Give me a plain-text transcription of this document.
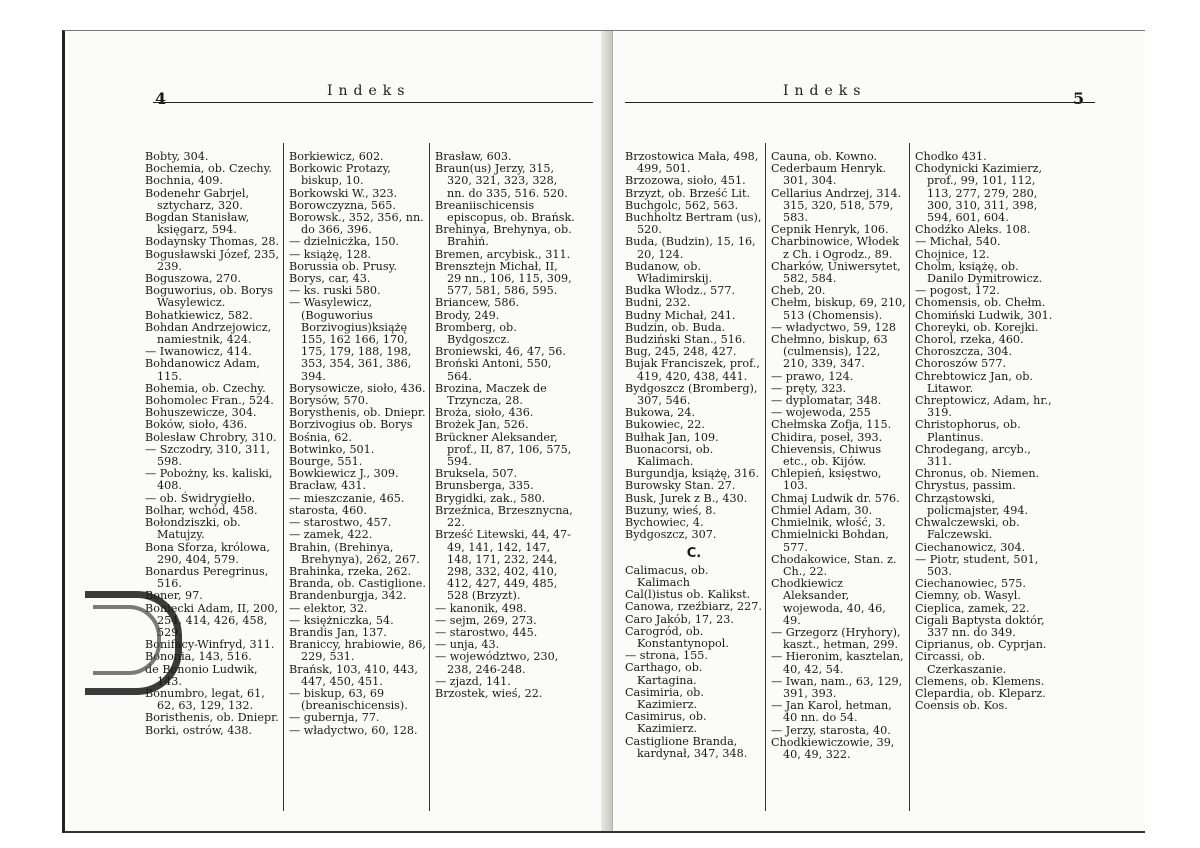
4	Indeks
Bobty, 304.
Bochemia, ob. Czechy.
Bochnia, 409.
Bodenehr Gabrjel, sztycharz, 320.
Bogdan Stanisław, księgarz, 594.
Bodaynsky Thomas, 28.
Bogusławski Józef, 235, 239.
Boguszowa, 270.
Boguworius, ob. Borys Wasylewicz.
Bohatkiewicz, 582.
Bohdan Andrzejowicz, namiestnik, 424.
— Iwanowicz, 414.
Bohdanowicz Adam, 115.
Bohemia, ob. Czechy.
Bohomolec Fran., 524.
Bohuszewicze, 304.
Boków, sioło, 436.
Bolesław Chrobry, 310.
— Szczodry, 310, 311, 598.
— Pobożny, ks. kaliski, 408.
— ob. Świdrygiełło.
Bolhar, wchód, 458.
Bołondziszki, ob. Matujzy.
Bona Sforza, królowa, 290, 404, 579.
Bonardus Peregrinus, 516.
Boner, 97.
Boniecki Adam, II, 200, 254, 414, 426, 458, 529.
Bonifacy-Winfryd, 311.
Bononia, 143, 516.
de Bononio Ludwik, 143.
Bonumbro, legat, 61, 62, 63, 129, 132.
Boristhenis, ob. Dniepr.
Borki, ostrów, 438.
Borkiewicz, 602.
Borkowic Protazy, biskup, 10.
Borkowski W., 323.
Borowczyzna, 565.
Borowsk., 352, 356, nn. do 366, 396.
— dzielnicżka, 150.
— książę, 128.
Borussia ob. Prusy.
Borys, car, 43.
— ks. ruski 580.
— Wasylewicz, (Boguworius Borzivogius)książę 155, 162 166, 170, 175, 179, 188, 198, 353, 354, 361, 386, 394.
Borysowicze, sioło, 436.
Borysów, 570.
Borysthenis, ob. Dniepr.
Borzivogius ob. Borys
Bośnia, 62.
Botwinko, 501.
Bourge, 551.
Bowkiewicz J., 309.
Bracław, 431.
— mieszczanie, 465.
starosta, 460.
— starostwo, 457.
— zamek, 422.
Brahin, (Brehinya, Brehynya), 262, 267.
Brahinka, rzeka, 262.
Branda, ob. Castiglione.
Brandenburgja, 342.
— elektor, 32.
— księżniczka, 54.
Brandis Jan, 137.
Braniccy, hrabiowie, 86, 229, 531.
Brańsk, 103, 410, 443, 447, 450, 451.
— biskup, 63, 69 (breanischicensis).
— gubernja, 77.
— władyctwo, 60, 128.
Brasław, 603.
Braun(us) Jerzy, 315, 320, 321, 323, 328, nn. do 335, 516. 520.
Breaniischicensis episcopus, ob. Brańsk.
Brehinya, Brehynya, ob. Brahiń.
Bremen, arcybisk., 311.
Brensztejn Michał, II, 29 nn., 106, 115, 309, 577, 581, 586, 595.
Briancew, 586.
Brody, 249.
Bromberg, ob. Bydgoszcz.
Broniewski, 46, 47, 56.
Broński Antoni, 550, 564.
Brozina, Maczek de Trzyncza, 28.
Broża, sioło, 436.
Brożek Jan, 526.
Brückner Aleksander, prof., II, 87, 106, 575, 594.
Bruksela, 507.
Brunsberga, 335.
Brygidki, zak., 580.
Brzeźnica, Brzesznycna, 22.
Brześć Litewski, 44, 47-49, 141, 142, 147, 148, 171, 232, 244, 298, 332, 402, 410, 412, 427, 449, 485, 528 (Brzyzt).
— kanonik, 498.
— sejm, 269, 273.
— starostwo, 445.
— unja, 43.
— województwo, 230, 238, 246-248.
— zjazd, 141.
Brzostek, wieś, 22.
Indeks	5
Brzostowica Mała, 498, 499, 501.
Brzozowa, sioło, 451.
Brzyzt, ob. Brześć Lit.
Buchgolc, 562, 563.
Buchholtz Bertram (us), 520.
Buda, (Budzin), 15, 16, 20, 124.
Budanow, ob. Władimirskij.
Budka Włodz., 577.
Budni, 232.
Budny Michał, 241.
Budzin, ob. Buda.
Budziński Stan., 516.
Bug, 245, 248, 427.
Bujak Franciszek, prof., 419, 420, 438, 441.
Bydgoszcz (Bromberg), 307, 546.
Bukowa, 24.
Bukowiec, 22.
Bułhak Jan, 109.
Buonacorsi, ob. Kalimach.
Burgundja, książę, 316.
Burowsky Stan. 27.
Busk, Jurek z B., 430.
Buzuny, wieś, 8.
Bychowiec, 4.
Bydgoszcz, 307.
C.
Calimacus, ob. Kalimach
Cal(l)istus ob. Kalikst.
Canowa, rzeźbiarz, 227.
Caro Jakób, 17, 23.
Carogród, ob. Konstantynopol.
— strona, 155.
Carthago, ob. Kartagina.
Casimiria, ob. Kazimierz.
Casimirus, ob. Kazimierz.
Castiglione Branda, kardynał, 347, 348.
Cauna, ob. Kowno.
Cederbaum Henryk. 301, 304.
Cellarius Andrzej, 314. 315, 320, 518, 579, 583.
Cepnik Henryk, 106.
Charbinowice, Włodek z Ch. i Ogrodz., 89.
Charków, Uniwersytet, 582, 584.
Cheb, 20.
Chełm, biskup, 69, 210, 513 (Chomensis).
— władyctwo, 59, 128
Chełmno, biskup, 63 (culmensis), 122, 210, 339, 347.
— prawo, 124.
— pręty, 323.
— dyplomatar, 348.
— wojewoda, 255
Chełmska Zofja, 115.
Chidira, poseł, 393.
Chievensis, Chiwus etc., ob. Kijów.
Chlepień, księstwo, 103.
Chmaj Ludwik dr. 576.
Chmiel Adam, 30.
Chmielnik, włość, 3.
Chmielnicki Bohdan, 577.
Chodakowice, Stan. z. Ch., 22.
Chodkiewicz Aleksander, wojewoda, 40, 46, 49.
— Grzegorz (Hryhory), kaszt., hetman, 299.
— Hieronim, kasztelan, 40, 42, 54.
— Iwan, nam., 63, 129, 391, 393.
— Jan Karol, hetman, 40 nn. do 54.
— Jerzy, starosta, 40.
Chodkiewiczowie, 39, 40, 49, 322.
Chodko 431.
Chodynicki Kazimierz, prof., 99, 101, 112, 113, 277, 279, 280, 300, 310, 311, 398, 594, 601, 604.
Chodźko Aleks. 108.
— Michał, 540.
Chojnice, 12.
Cholm, książę, ob. Danilo Dymitrowicz.
— pogost, 172.
Chomensis, ob. Chełm.
Chomiński Ludwik, 301.
Choreyki, ob. Korejki.
Chorol, rzeka, 460.
Choroszcza, 304.
Choroszów 577.
Chrebtowicz Jan, ob. Litawor.
Chreptowicz, Adam, hr., 319.
Christophorus, ob. Plantinus.
Chrodegang, arcyb., 311.
Chronus, ob. Niemen.
Chrystus, passim.
Chrząstowski, policmajster, 494.
Chwalczewski, ob. Falczewski.
Ciechanowicz, 304.
— Piotr, student, 501, 503.
Ciechanowiec, 575.
Ciemny, ob. Wasyl.
Cieplica, zamek, 22.
Cigali Baptysta doktór, 337 nn. do 349.
Ciprianus, ob. Cyprjan.
Circassi, ob. Czerkaszanie.
Clemens, ob. Klemens.
Clepardia, ob. Kleparz.
Coensis ob. Kos.
